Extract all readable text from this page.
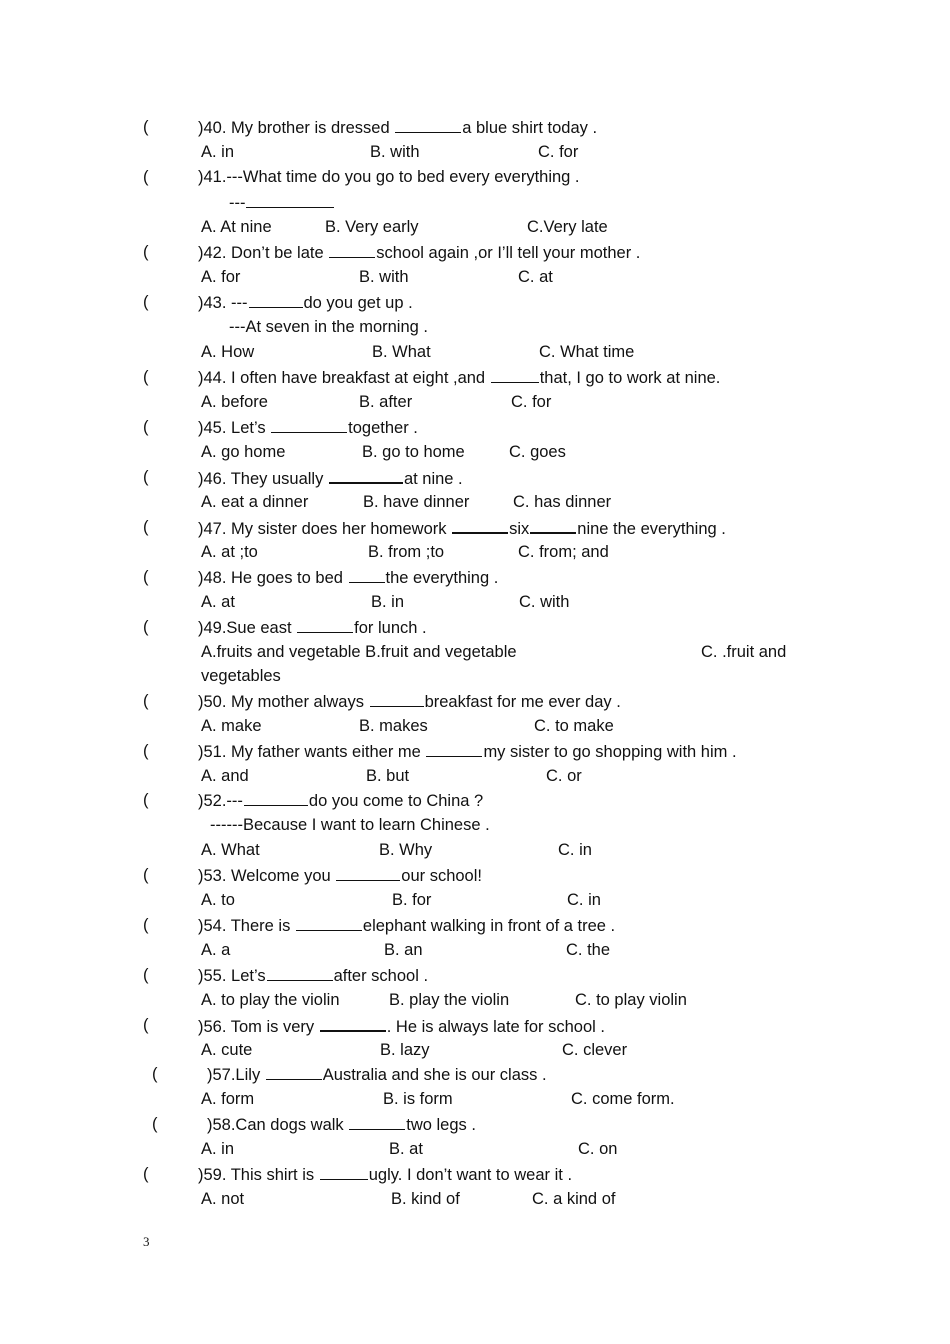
(	)40. My brother is dressed	a blue shirt today .
A. in	B. with	C. for
(	)41.---What time do you go to bed every everything .
---
A. At nine	B. Very early	C.Very late
(	)42. Don’t be late	school again ,or I’ll tell your mother .
A. for	B. with	C. at
(	)43. ---	do you get up .
---At seven in the morning .
A. How	B. What	C. What time
(	)44. I often have breakfast at eight ,and	that, I go to work at nine.
A. before	B. after	C. for
(	)45. Let’s	together .
A. go home	B. go to home	C. goes
(	)46. They usually	at nine .
A. eat a dinner	B. have dinner	C. has dinner
(	)47. My sister does her homework	six	nine the everything .
A. at ;to	B. from ;to	C. from; and
(	)48. He goes to bed the everything .
A. at	B. in	C. with
(	)49.Sue east	for lunch .
A.fruits and vegetable B.fruit and vegetable	C. .fruit and
vegetables
(	)50. My mother always	breakfast for me ever day .
A. make	B. makes	C. to make
(	)51. My father wants either me	my sister to go shopping with him .
A. and	B. but	C. or
(	)52.---	do you come to China ?
------Because I want to learn Chinese .
A. What	B. Why	C. in
(	)53. Welcome you	our school!
A. to	B. for	C. in
(	)54. There is	elephant walking in front of a tree .
A. a	B. an	C. the
(	)55. Let’s	after school .
A. to play the violin	B. play the violin	C. to play violin
(	)56. Tom is very	. He is always late for school .
A. cute	B. lazy	C. clever
(	)57.Lily	Australia and she is our class .
A. form	B. is form	C. come form.
(	)58.Can dogs walk	two legs .
A. in	B. at	C. on
(	)59. This shirt is	ugly. I don’t want to wear it .
A. not	B. kind of	C. a kind of
3
